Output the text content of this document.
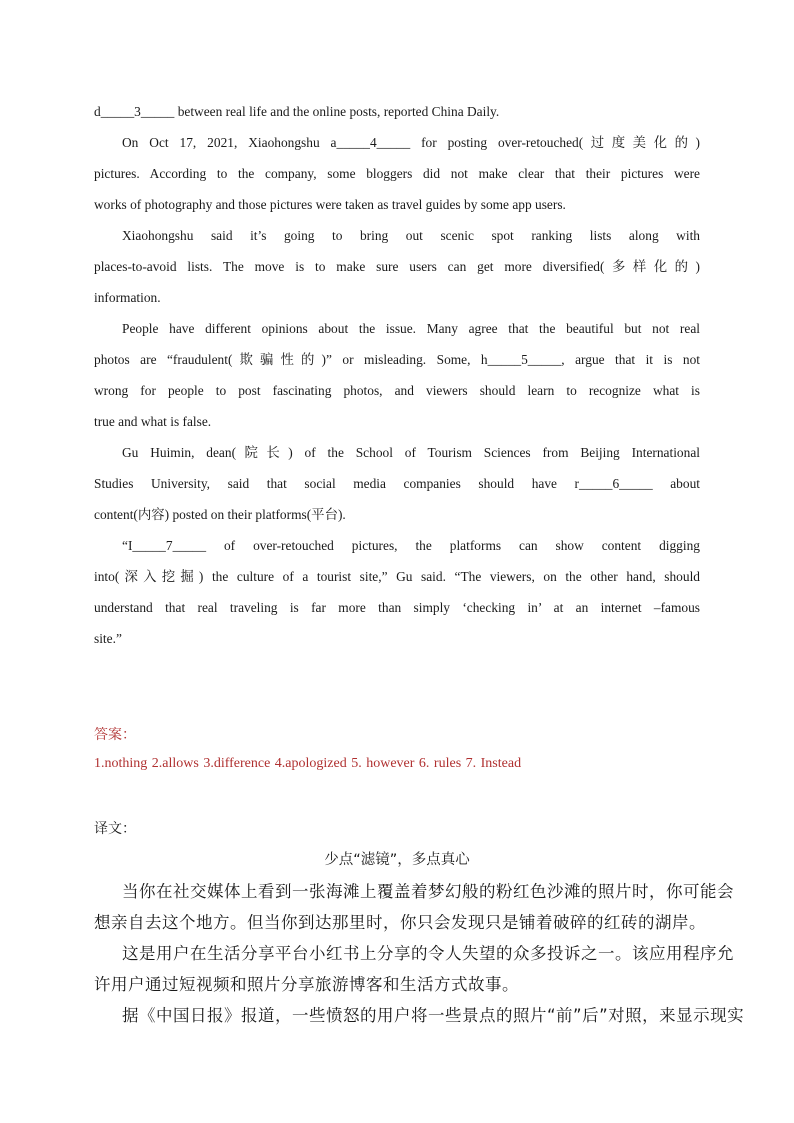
d_____3_____ between real life and the online posts, reported China Daily.

On Oct 17, 2021, Xiaohongshu a_____4_____ for posting over-retouched(过度美化的)

pictures. According to the company, some bloggers did not make clear that their pictures were

works of photography and those pictures were taken as travel guides by some app users.

Xiaohongshu said it’s going to bring out scenic spot ranking lists along with

places-to-avoid lists. The move is to make sure users can get more diversified(多样化的)

information.

People have different opinions about the issue. Many agree that the beautiful but not real

photos are “fraudulent(欺骗性的)” or misleading. Some, h_____5_____, argue that it is not

wrong for people to post fascinating photos, and viewers should learn to recognize what is

true and what is false.

Gu Huimin, dean(院长) of the School of Tourism Sciences from Beijing International

Studies University, said that social media companies should have r_____6_____ about

content(内容) posted on their platforms(平台).

“I_____7_____ of over-retouched pictures, the platforms can show content digging

into(深入挖掘) the culture of a tourist site,” Gu said. “The viewers, on the other hand, should

understand that real traveling is far more than simply ‘checking in’ at an internet –famous

site.”

答案：

1.nothing 2.allows 3.difference 4.apologized 5. however 6. rules 7. Instead

译文：

少点“滤镜”，多点真心

当你在社交媒体上看到一张海滩上覆盖着梦幻般的粉红色沙滩的照片时，你可能会

想亲自去这个地方。但当你到达那里时，你只会发现只是铺着破碎的红砖的湖岸。

这是用户在生活分享平台小红书上分享的令人失望的众多投诉之一。该应用程序允

许用户通过短视频和照片分享旅游博客和生活方式故事。

据《中国日报》报道，一些愤怒的用户将一些景点的照片“前”后”对照，来显示现实
